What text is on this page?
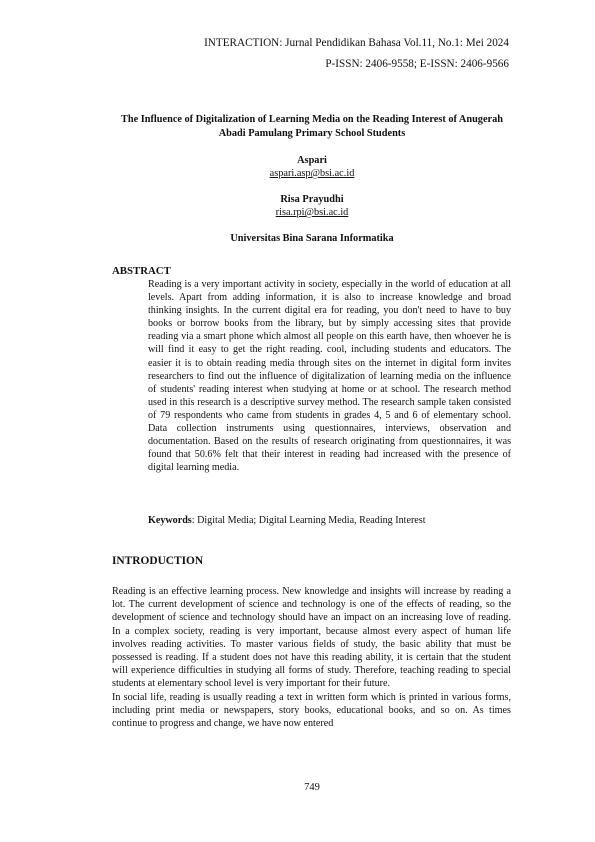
INTERACTION: Jurnal Pendidikan Bahasa Vol.11, No.1: Mei 2024
P-ISSN: 2406-9558; E-ISSN: 2406-9566

The Influence of Digitalization of Learning Media on the Reading Interest of Anugerah Abadi Pamulang Primary School Students

Aspari

aspari.asp@bsi.ac.id

Risa Prayudhi

risa.rpi@bsi.ac.id

Universitas Bina Sarana Informatika

ABSTRACT

Reading is a very important activity in society, especially in the world of education at all levels. Apart from adding information, it is also to increase knowledge and broad thinking insights. In the current digital era for reading, you don't need to have to buy books or borrow books from the library, but by simply accessing sites that provide reading via a smart phone which almost all people on this earth have, then whoever he is will find it easy to get the right reading. cool, including students and educators. The easier it is to obtain reading media through sites on the internet in digital form invites researchers to find out the influence of digitalization of learning media on the influence of students' reading interest when studying at home or at school. The research method used in this research is a descriptive survey method. The research sample taken consisted of 79 respondents who came from students in grades 4, 5 and 6 of elementary school. Data collection instruments using questionnaires, interviews, observation and documentation. Based on the results of research originating from questionnaires, it was found that 50.6% felt that their interest in reading had increased with the presence of digital learning media.

Keywords: Digital Media; Digital Learning Media, Reading Interest

INTRODUCTION

Reading is an effective learning process. New knowledge and insights will increase by reading a lot. The current development of science and technology is one of the effects of reading, so the development of science and technology should have an impact on an increasing love of reading. In a complex society, reading is very important, because almost every aspect of human life involves reading activities. To master various fields of study, the basic ability that must be possessed is reading. If a student does not have this reading ability, it is certain that the student will experience difficulties in studying all forms of study. Therefore, teaching reading to special students at elementary school level is very important for their future.

In social life, reading is usually reading a text in written form which is printed in various forms, including print media or newspapers, story books, educational books, and so on. As times continue to progress and change, we have now entered

749
